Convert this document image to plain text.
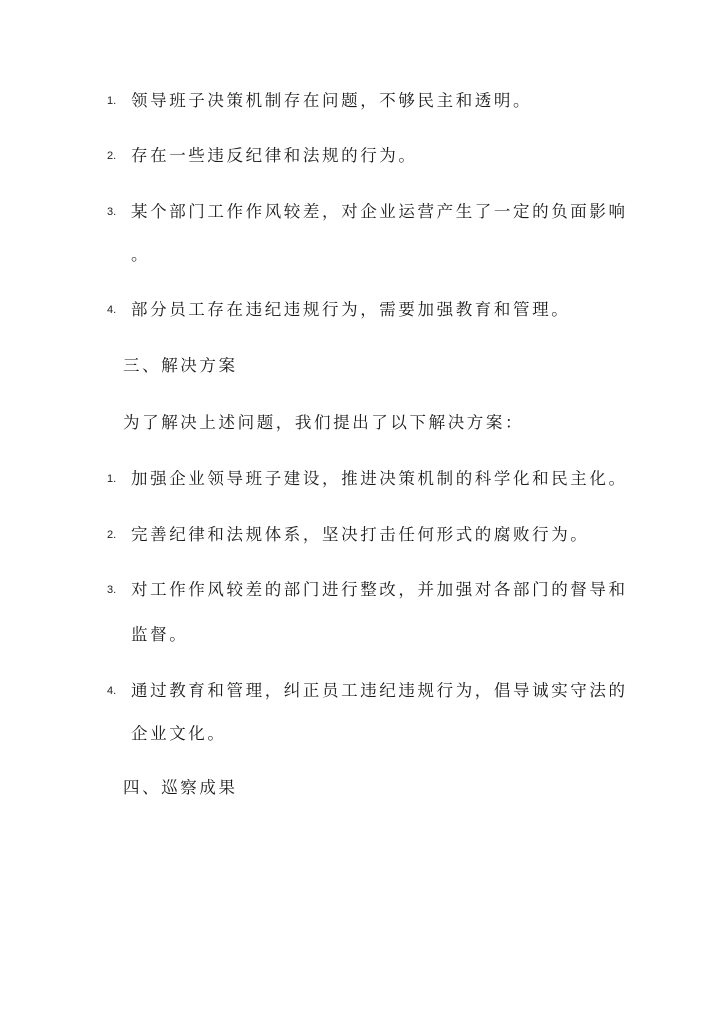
1. 领导班子决策机制存在问题，不够民主和透明。
2. 存在一些违反纪律和法规的行为。
3. 某个部门工作作风较差，对企业运营产生了一定的负面影响
。
4. 部分员工存在违纪违规行为，需要加强教育和管理。
三、解决方案
为了解决上述问题，我们提出了以下解决方案：
1. 加强企业领导班子建设，推进决策机制的科学化和民主化。
2. 完善纪律和法规体系，坚决打击任何形式的腐败行为。
3. 对工作作风较差的部门进行整改，并加强对各部门的督导和
监督。
4. 通过教育和管理，纠正员工违纪违规行为，倡导诚实守法的
企业文化。
四、巡察成果
